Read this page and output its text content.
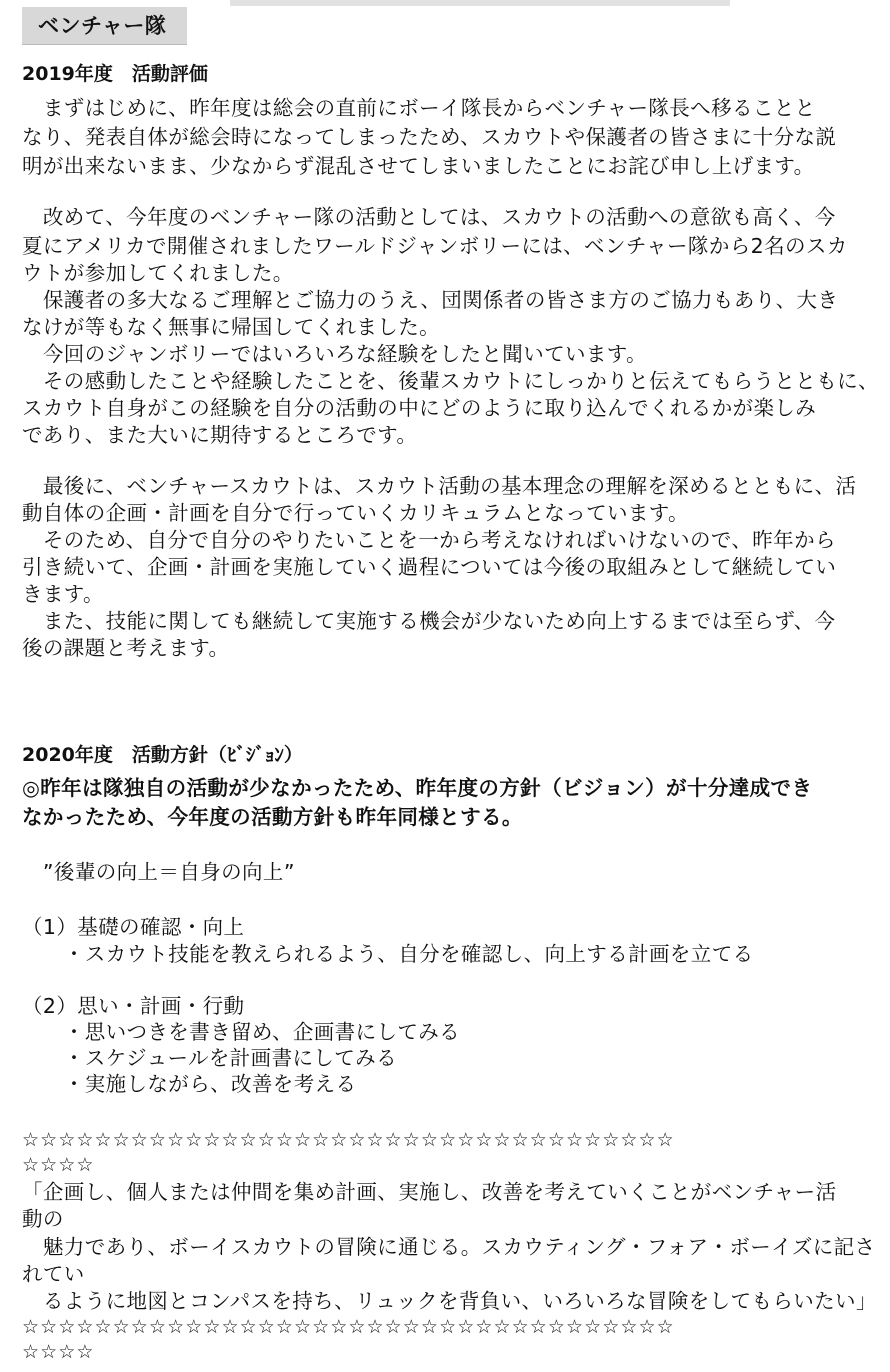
ベンチャー隊
2019年度　活動評価
　まずはじめに、昨年度は総会の直前にボーイ隊長からベンチャー隊長へ移ることと
なり、発表自体が総会時になってしまったため、スカウトや保護者の皆さまに十分な説
明が出来ないまま、少なからず混乱させてしまいましたことにお詫び申し上げます。
　改めて、今年度のベンチャー隊の活動としては、スカウトの活動への意欲も高く、今
夏にアメリカで開催されましたワールドジャンボリーには、ベンチャー隊から2名のスカ
ウトが参加してくれました。
　保護者の多大なるご理解とご協力のうえ、団関係者の皆さま方のご協力もあり、大き
なけが等もなく無事に帰国してくれました。
　今回のジャンボリーではいろいろな経験をしたと聞いています。
　その感動したことや経験したことを、後輩スカウトにしっかりと伝えてもらうとともに、
スカウト自身がこの経験を自分の活動の中にどのように取り込んでくれるかが楽しみ
であり、また大いに期待するところです。
　最後に、ベンチャースカウトは、スカウト活動の基本理念の理解を深めるとともに、活
動自体の企画・計画を自分で行っていくカリキュラムとなっています。
　そのため、自分で自分のやりたいことを一から考えなければいけないので、昨年から
引き続いて、企画・計画を実施していく過程については今後の取組みとして継続してい
きます。
　また、技能に関しても継続して実施する機会が少ないため向上するまでは至らず、今
後の課題と考えます。
2020年度　活動方針（ﾋﾞｼﾞｮﾝ）
◎昨年は隊独自の活動が少なかったため、昨年度の方針（ビジョン）が十分達成でき
なかったため、今年度の活動方針も昨年同様とする。
　”後輩の向上＝自身の向上”
（1）基礎の確認・向上
　　・スカウト技能を教えられるよう、自分を確認し、向上する計画を立てる
（2）思い・計画・行動
　　・思いつきを書き留め、企画書にしてみる
　　・スケジュールを計画書にしてみる
　　・実施しながら、改善を考える
☆☆☆☆☆☆☆☆☆☆☆☆☆☆☆☆☆☆☆☆☆☆☆☆☆☆☆☆☆☆☆☆☆☆☆☆
☆☆☆☆
「企画し、個人または仲間を集め計画、実施し、改善を考えていくことがベンチャー活
動の
　魅力であり、ボーイスカウトの冒険に通じる。スカウティング・フォア・ボーイズに記さ
れてい
　るように地図とコンパスを持ち、リュックを背負い、いろいろな冒険をしてもらいたい」
☆☆☆☆☆☆☆☆☆☆☆☆☆☆☆☆☆☆☆☆☆☆☆☆☆☆☆☆☆☆☆☆☆☆☆☆
☆☆☆☆
